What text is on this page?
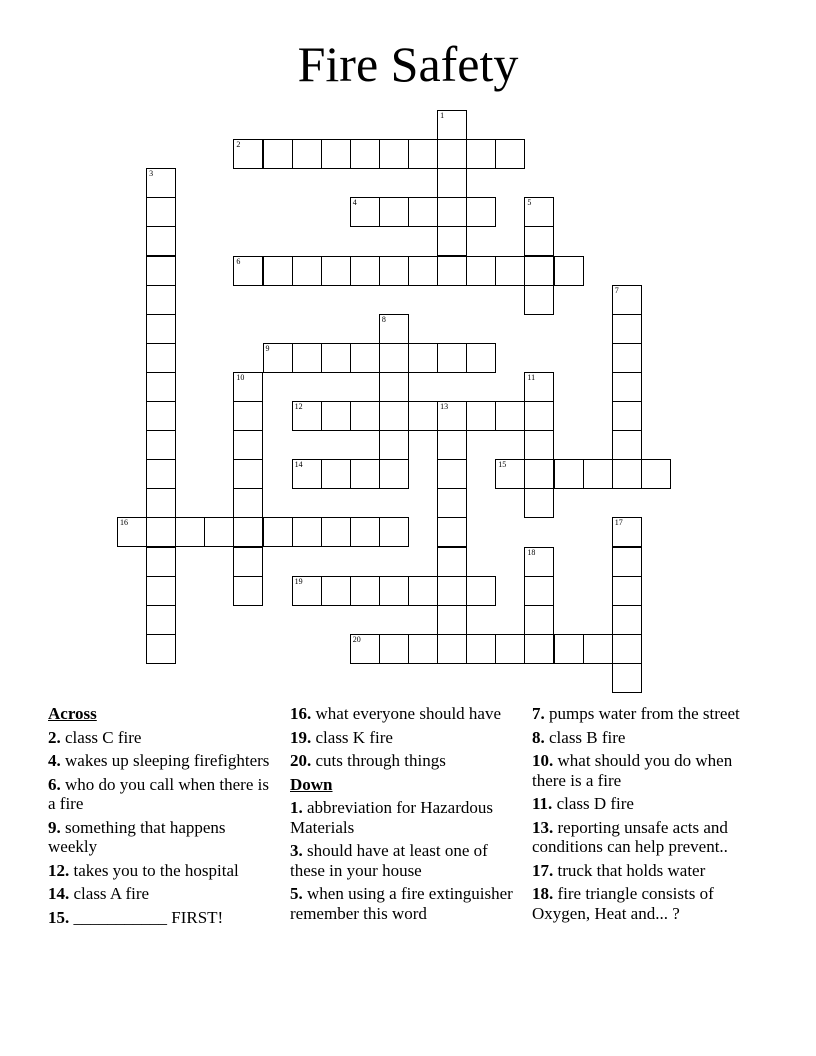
Fire Safety
1
2
3
4	5
6
7
8
9
10	11
12	13
14	15
16	17
18
19
20
Across
2. class C fire
4. wakes up sleeping firefighters
6. who do you call when there is a fire
9. something that happens weekly
12. takes you to the hospital
14. class A fire
15. ___________ FIRST!
16. what everyone should have
19. class K fire
20. cuts through things
Down
1. abbreviation for Hazardous Materials
3. should have at least one of these in your house
5. when using a fire extinguisher remember this word
7. pumps water from the street
8. class B fire
10. what should you do when there is a fire
11. class D fire
13. reporting unsafe acts and conditions can help prevent..
17. truck that holds water
18. fire triangle consists of Oxygen, Heat and... ?
